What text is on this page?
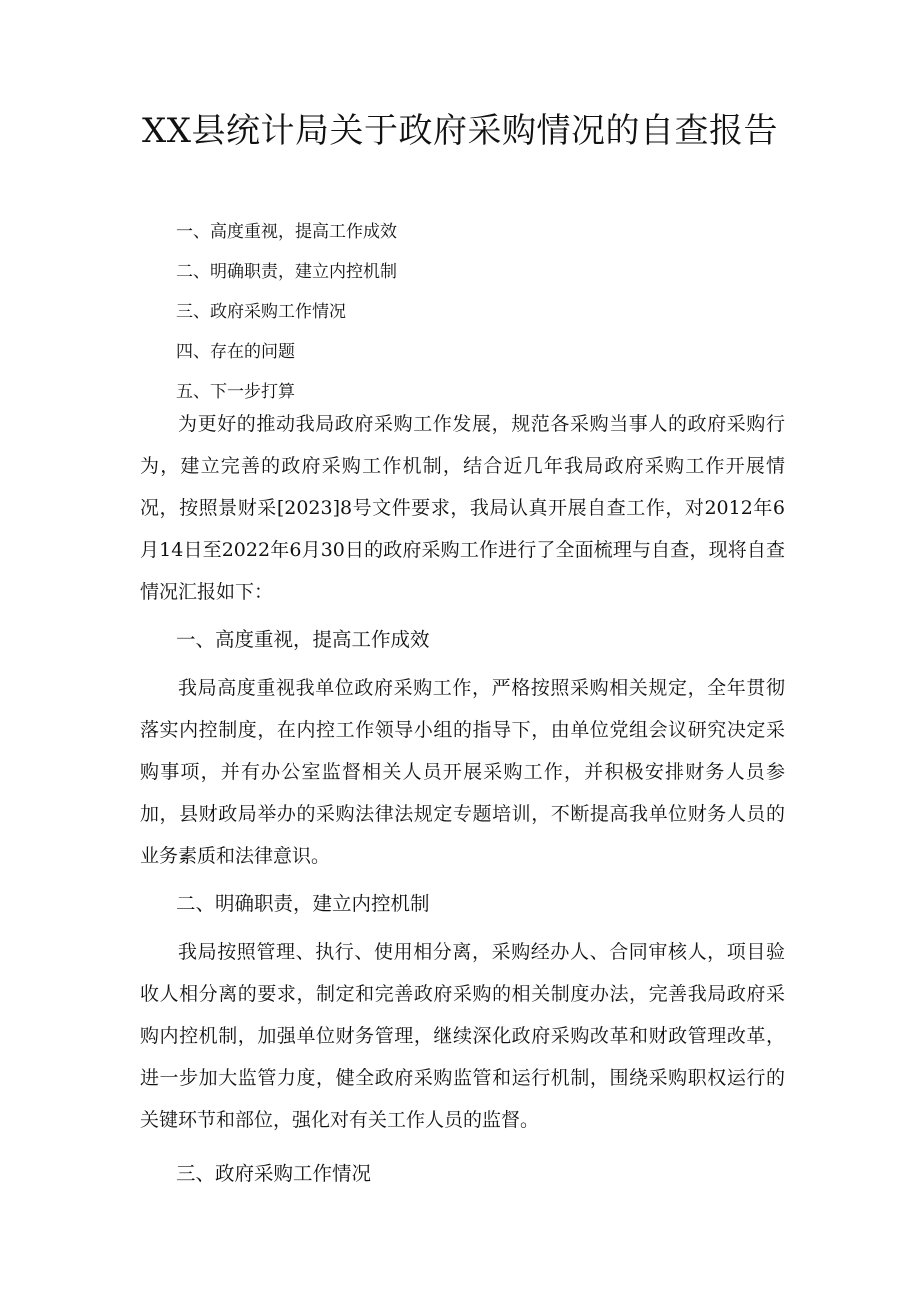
XX县统计局关于政府采购情况的自查报告
一、高度重视，提高工作成效
二、明确职责，建立内控机制
三、政府采购工作情况
四、存在的问题
五、下一步打算

为更好的推动我局政府采购工作发展，规范各采购当事人的政府采购行为，建立完善的政府采购工作机制，结合近几年我局政府采购工作开展情况，按照景财采[2023]8号文件要求，我局认真开展自查工作，对2012年6月14日至2022年6月30日的政府采购工作进行了全面梳理与自查，现将自查情况汇报如下：

一、高度重视，提高工作成效

我局高度重视我单位政府采购工作，严格按照采购相关规定，全年贯彻落实内控制度，在内控工作领导小组的指导下，由单位党组会议研究决定采购事项，并有办公室监督相关人员开展采购工作，并积极安排财务人员参加，县财政局举办的采购法律法规定专题培训，不断提高我单位财务人员的业务素质和法律意识。

二、明确职责，建立内控机制

我局按照管理、执行、使用相分离，采购经办人、合同审核人，项目验收人相分离的要求，制定和完善政府采购的相关制度办法，完善我局政府采购内控机制，加强单位财务管理，继续深化政府采购改革和财政管理改革，进一步加大监管力度，健全政府采购监管和运行机制，围绕采购职权运行的关键环节和部位，强化对有关工作人员的监督。

三、政府采购工作情况
